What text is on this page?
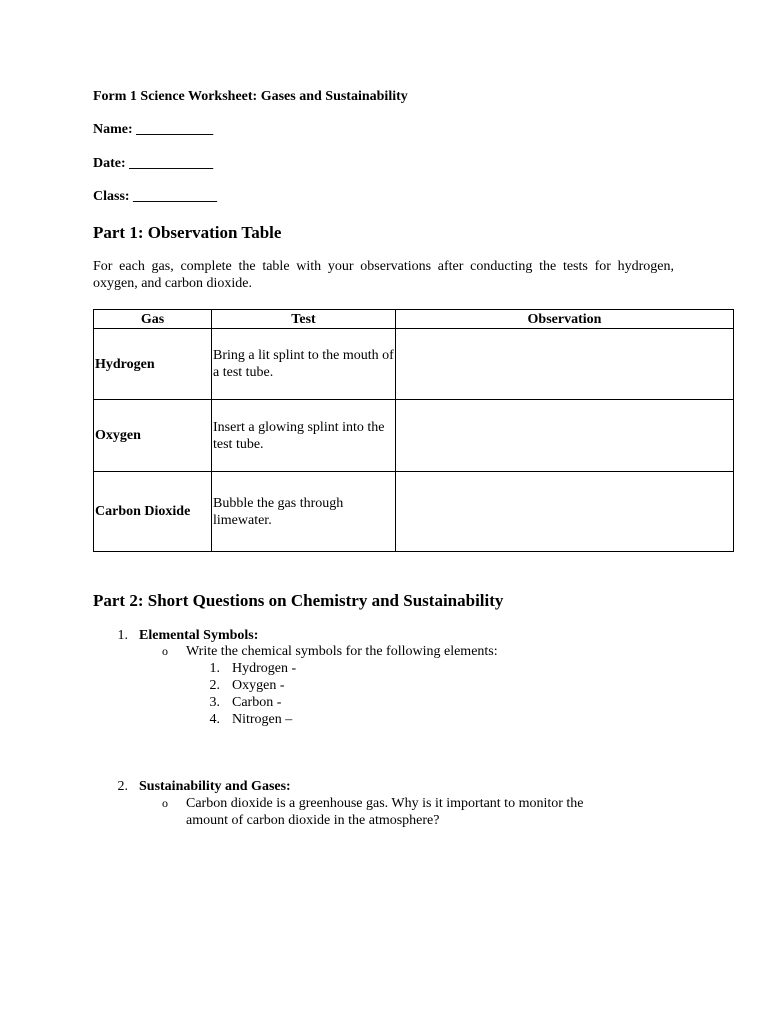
Form 1 Science Worksheet: Gases and Sustainability
Name: ___________
Date: ____________
Class: ____________
Part 1: Observation Table
For each gas, complete the table with your observations after conducting the tests for hydrogen, oxygen, and carbon dioxide.
Gas	Test	Observation
Hydrogen	Bring a lit splint to the mouth of a test tube.	
Oxygen	Insert a glowing splint into the test tube.	
Carbon Dioxide	Bubble the gas through limewater.	
Part 2: Short Questions on Chemistry and Sustainability
1. Elemental Symbols:
o Write the chemical symbols for the following elements:
1. Hydrogen -
2. Oxygen -
3. Carbon -
4. Nitrogen –
2. Sustainability and Gases:
o Carbon dioxide is a greenhouse gas. Why is it important to monitor the
amount of carbon dioxide in the atmosphere?
